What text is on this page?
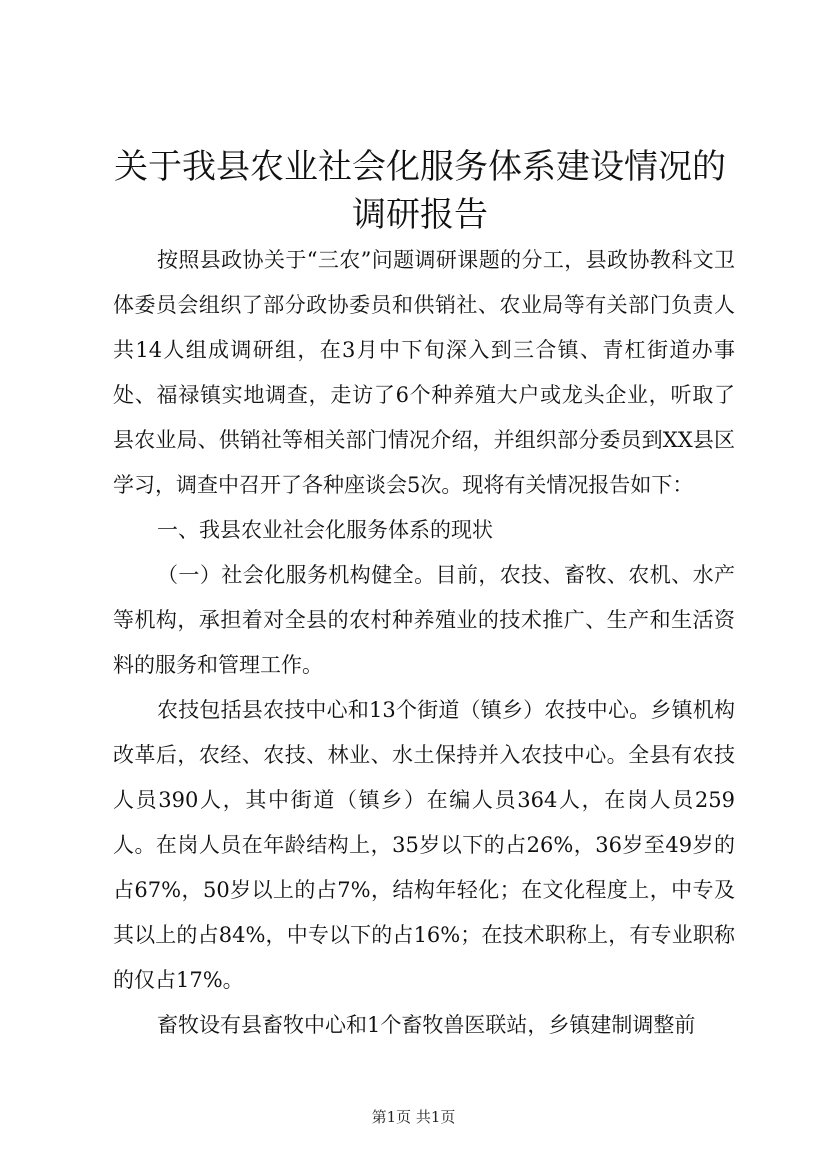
关于我县农业社会化服务体系建设情况的调研报告

按照县政协关于“三农”问题调研课题的分工，县政协教科文卫体委员会组织了部分政协委员和供销社、农业局等有关部门负责人共14人组成调研组，在3月中下旬深入到三合镇、青杠街道办事处、福禄镇实地调查，走访了6个种养殖大户或龙头企业，听取了县农业局、供销社等相关部门情况介绍，并组织部分委员到XX县区学习，调查中召开了各种座谈会5次。现将有关情况报告如下：

一、我县农业社会化服务体系的现状

（一）社会化服务机构健全。目前，农技、畜牧、农机、水产等机构，承担着对全县的农村种养殖业的技术推广、生产和生活资料的服务和管理工作。

农技包括县农技中心和13个街道（镇乡）农技中心。乡镇机构改革后，农经、农技、林业、水土保持并入农技中心。全县有农技人员390人，其中街道（镇乡）在编人员364人，在岗人员259人。在岗人员在年龄结构上，35岁以下的占26%，36岁至49岁的占67%，50岁以上的占7%，结构年轻化；在文化程度上，中专及其以上的占84%，中专以下的占16%；在技术职称上，有专业职称的仅占17%。

畜牧设有县畜牧中心和1个畜牧兽医联站，乡镇建制调整前

第1页 共1页
